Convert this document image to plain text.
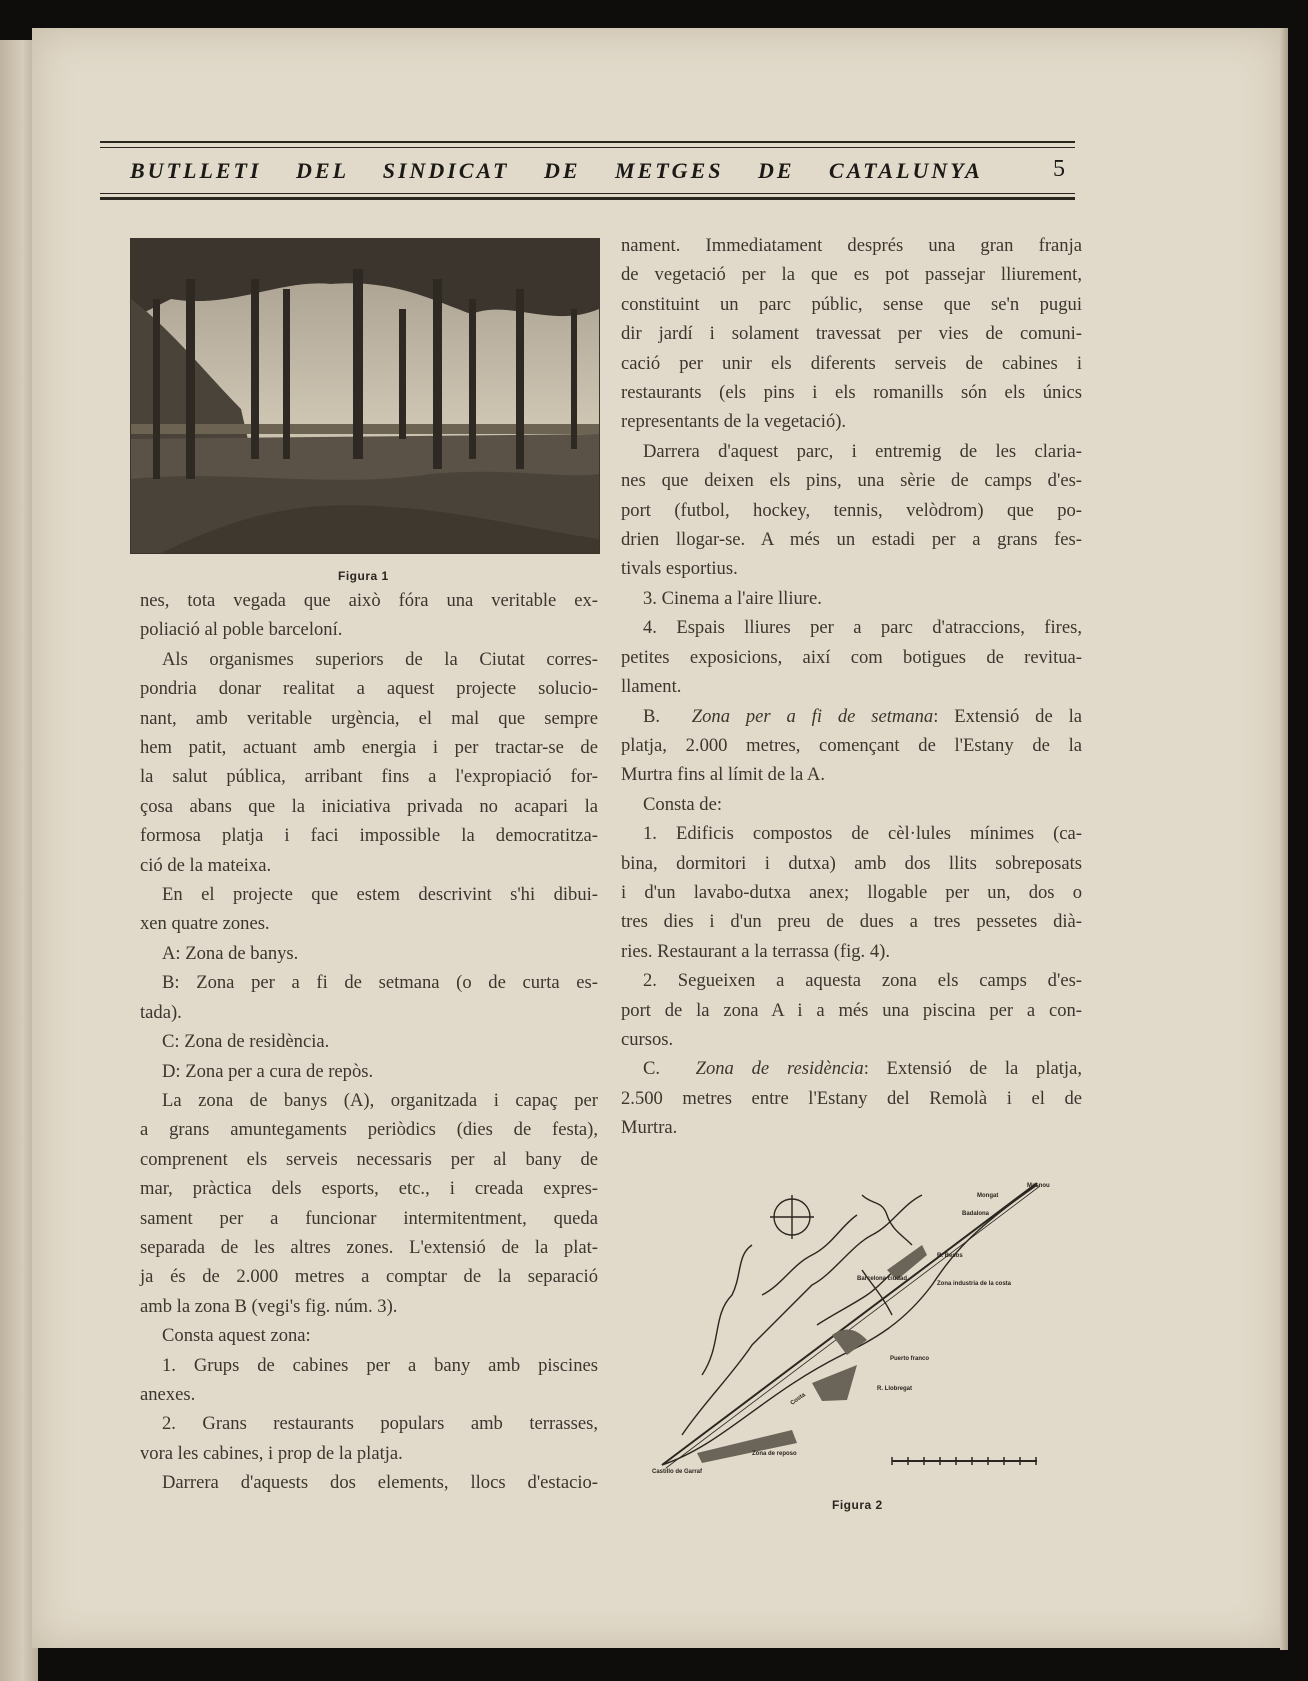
BUTLLETI DEL SINDICAT DE METGES DE CATALUNYA	5
Figura 1
nes, tota vegada que això fóra una veritable ex-
poliació al poble barceloní.
Als organismes superiors de la Ciutat corres-
pondria donar realitat a aquest projecte solucio-
nant, amb veritable urgència, el mal que sempre
hem patit, actuant amb energia i per tractar-se de
la salut pública, arribant fins a l'expropiació for-
çosa abans que la iniciativa privada no acapari la
formosa platja i faci impossible la democratitza-
ció de la mateixa.
En el projecte que estem descrivint s'hi dibui-
xen quatre zones.
A: Zona de banys.
B: Zona per a fi de setmana (o de curta es-
tada).
C: Zona de residència.
D: Zona per a cura de repòs.
La zona de banys (A), organitzada i capaç per
a grans amuntegaments periòdics (dies de festa),
comprenent els serveis necessaris per al bany de
mar, pràctica dels esports, etc., i creada expres-
sament per a funcionar intermitentment, queda
separada de les altres zones. L'extensió de la plat-
ja és de 2.000 metres a comptar de la separació
amb la zona B (vegi's fig. núm. 3).
Consta aquest zona:
1. Grups de cabines per a bany amb piscines
anexes.
2. Grans restaurants populars amb terrasses,
vora les cabines, i prop de la platja.
Darrera d'aquests dos elements, llocs d'estacio-
nament. Immediatament després una gran franja
de vegetació per la que es pot passejar lliurement,
constituint un parc públic, sense que se'n pugui
dir jardí i solament travessat per vies de comuni-
cació per unir els diferents serveis de cabines i
restaurants (els pins i els romanills són els únics
representants de la vegetació).
Darrera d'aquest parc, i entremig de les claria-
nes que deixen els pins, una sèrie de camps d'es-
port (futbol, hockey, tennis, velòdrom) que po-
drien llogar-se. A més un estadi per a grans fes-
tivals esportius.
3. Cinema a l'aire lliure.
4. Espais lliures per a parc d'atraccions, fires,
petites exposicions, així com botigues de revitua-
llament.
B. Zona per a fi de setmana: Extensió de la
platja, 2.000 metres, començant de l'Estany de la
Murtra fins al límit de la A.
Consta de:
1. Edificis compostos de cèl·lules mínimes (ca-
bina, dormitori i dutxa) amb dos llits sobreposats
i d'un lavabo-dutxa anex; llogable per un, dos o
tres dies i d'un preu de dues a tres pessetes dià-
ries. Restaurant a la terrassa (fig. 4).
2. Segueixen a aquesta zona els camps d'es-
port de la zona A i a més una piscina per a con-
cursos.
C. Zona de residència: Extensió de la platja,
2.500 metres entre l'Estany del Remolà i el de
Murtra.
Masnou
Mongat
Badalona
R. Besos
Zona industria de la costa
Barcelona ciudad
Puerto franco
R. Llobregat
Castillo de Garraf
Zona de reposo
Costa
Figura 2
